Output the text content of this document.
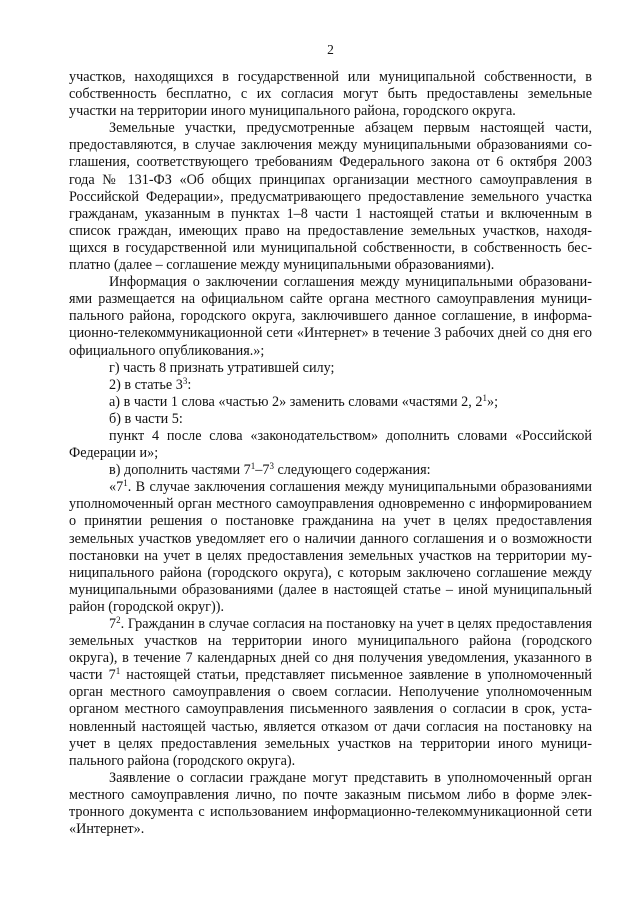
2

участков, находящихся в государственной или муниципальной собственности, в собственность бесплатно, с их согласия могут быть предоставлены земельные участки на территории иного муниципального района, городского округа.

Земельные участки, предусмотренные абзацем первым настоящей части, предоставляются, в случае заключения между муниципальными образованиями соглашения, соответствующего требованиям Федерального закона от 6 октября 2003 года № 131-ФЗ «Об общих принципах организации местного самоуправления в Российской Федерации», предусматривающего предоставление земельного участка гражданам, указанным в пунктах 1–8 части 1 настоящей статьи и включенным в список граждан, имеющих право на предоставление земельных участков, находящихся в государственной или муниципальной собственности, в собственность бесплатно (далее – соглашение между муниципальными образованиями).

Информация о заключении соглашения между муниципальными образованиями размещается на официальном сайте органа местного самоуправления муниципального района, городского округа, заключившего данное соглашение, в информационно-телекоммуникационной сети «Интернет» в течение 3 рабочих дней со дня его официального опубликования.»;

г) часть 8 признать утратившей силу;

2) в статье $3^3$:

а) в части 1 слова «частью 2» заменить словами «частями 2, $2^1$»;

б) в части 5:

пункт 4 после слова «законодательством» дополнить словами «Российской Федерации и»;

в) дополнить частями $7^1-7^3$ следующего содержания:

«$7^1$. В случае заключения соглашения между муниципальными образованиями уполномоченный орган местного самоуправления одновременно с информированием о принятии решения о постановке гражданина на учет в целях предоставления земельных участков уведомляет его о наличии данного соглашения и о возможности постановки на учет в целях предоставления земельных участков на территории муниципального района (городского округа), с которым заключено соглашение между муниципальными образованиями (далее в настоящей статье – иной муниципальный район (городской округ)).

$7^2$. Гражданин в случае согласия на постановку на учет в целях предоставления земельных участков на территории иного муниципального района (городского округа), в течение 7 календарных дней со дня получения уведомления, указанного в части $7^1$ настоящей статьи, представляет письменное заявление в уполномоченный орган местного самоуправления о своем согласии. Неполучение уполномоченным органом местного самоуправления письменного заявления о согласии в срок, установленный настоящей частью, является отказом от дачи согласия на постановку на учет в целях предоставления земельных участков на территории иного муниципального района (городского округа).

Заявление о согласии граждане могут представить в уполномоченный орган местного самоуправления лично, по почте заказным письмом либо в форме электронного документа с использованием информационно-телекоммуникационной сети «Интернет».
